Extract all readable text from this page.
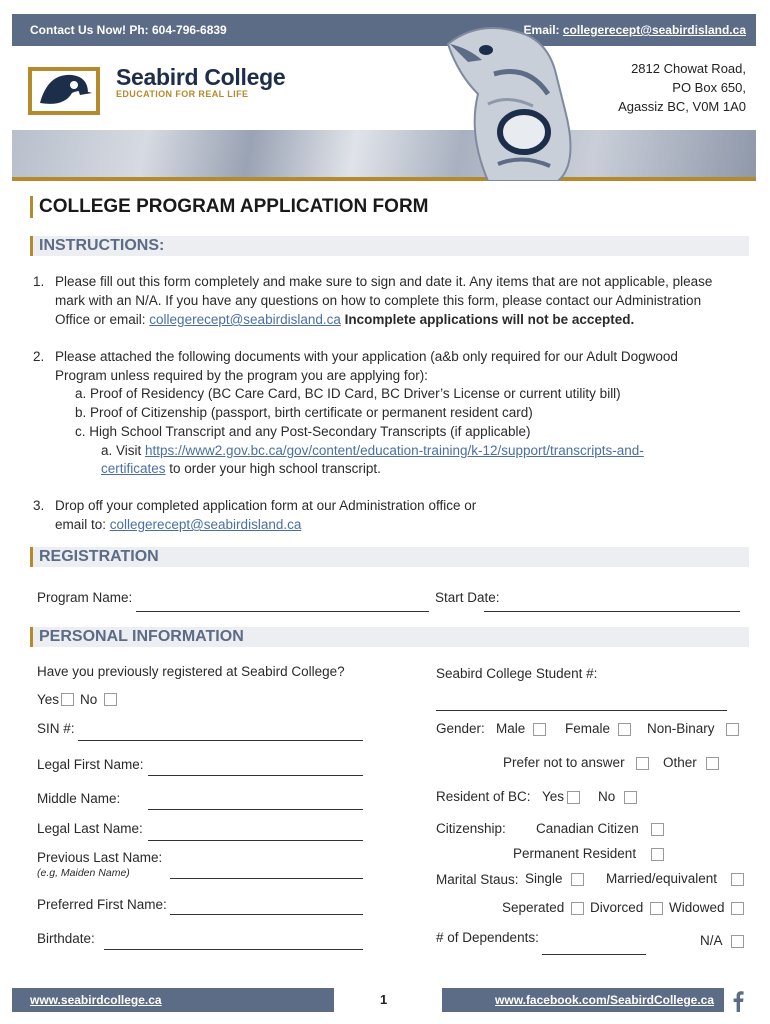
Contact Us Now! Ph: 604-796-6839	Email: collegerecept@seabirdisland.ca
Seabird College
EDUCATION FOR REAL LIFE
2812 Chowat Road,
PO Box 650,
Agassiz BC, V0M 1A0
COLLEGE PROGRAM APPLICATION FORM
INSTRUCTIONS:
1. Please fill out this form completely and make sure to sign and date it. Any items that are not applicable, please
mark with an N/A. If you have any questions on how to complete this form, please contact our Administration
Office or email: collegerecept@seabirdisland.ca Incomplete applications will not be accepted.
2. Please attached the following documents with your application (a&b only required for our Adult Dogwood
Program unless required by the program you are applying for):
a. Proof of Residency (BC Care Card, BC ID Card, BC Driver’s License or current utility bill)
b. Proof of Citizenship (passport, birth certificate or permanent resident card)
c. High School Transcript and any Post-Secondary Transcripts (if applicable)
a. Visit https://www2.gov.bc.ca/gov/content/education-training/k-12/support/transcripts-and-
certificates to order your high school transcript.
3. Drop off your completed application form at our Administration office or
email to: collegerecept@seabirdisland.ca
REGISTRATION
Program Name:	Start Date:
PERSONAL INFORMATION
Have you previously registered at Seabird College?
Yes No
Seabird College Student #:
SIN #:	Gender: Male	Female	Non-Binary
Legal First Name:	Prefer not to answer	Other
Middle Name:	Resident of BC: Yes	No
Legal Last Name:	Citizenship: Canadian Citizen
Permanent Resident
Previous Last Name:
(e.g, Maiden Name)	Marital Staus: Single	Married/equivalent
Preferred First Name:	Seperated Divorced Widowed
Birthdate:	# of Dependents:	N/A
www.seabirdcollege.ca	1	www.facebook.com/SeabirdCollege.ca
